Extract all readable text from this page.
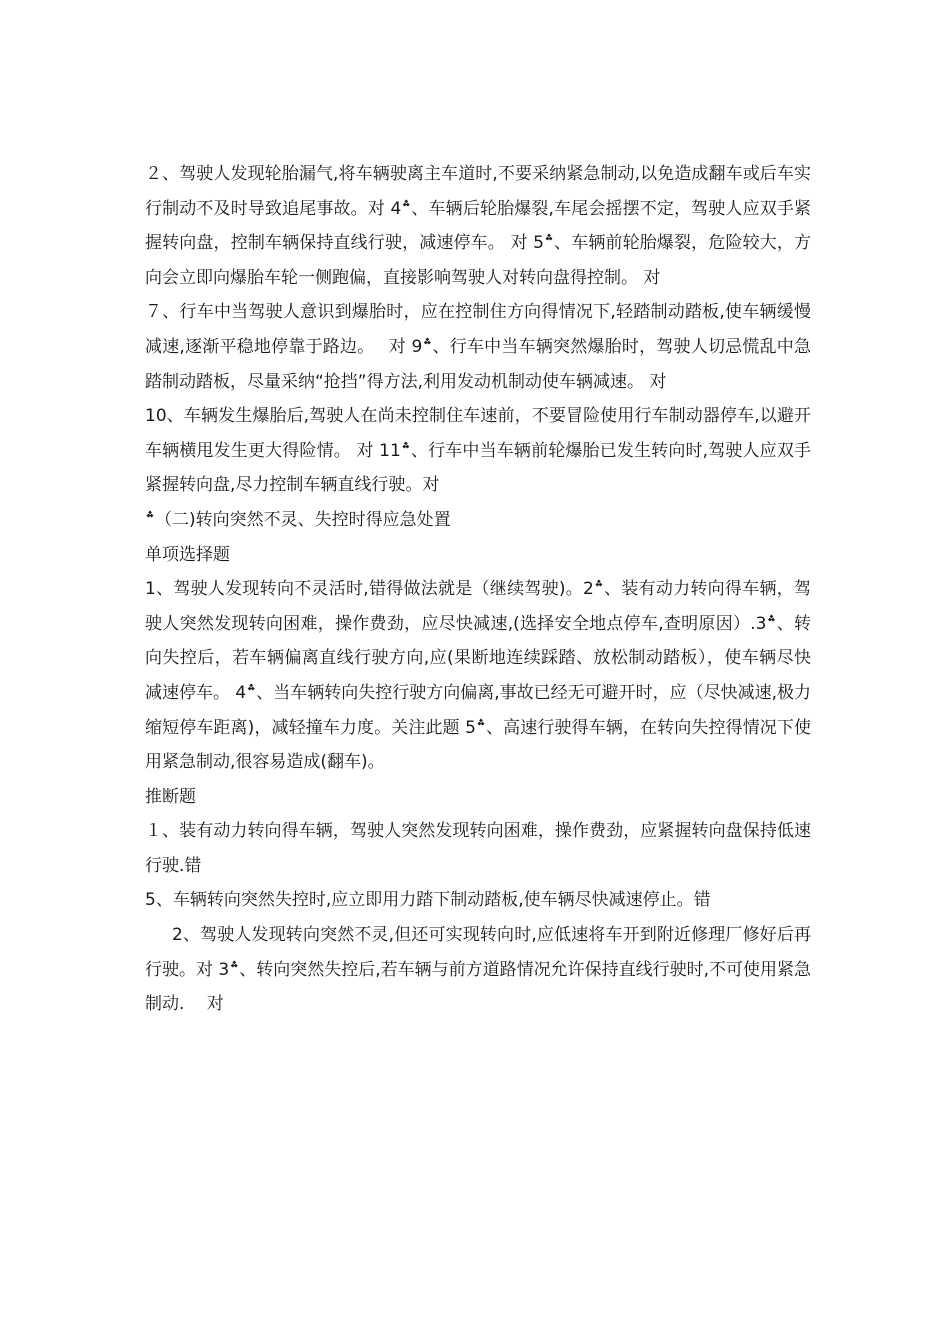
２、驾驶人发现轮胎漏气,将车辆驶离主车道时,不要采纳紧急制动,以免造成翻车或后车实行制动不及时导致追尾事故。对 4؞、车辆后轮胎爆裂,车尾会摇摆不定，驾驶人应双手紧握转向盘，控制车辆保持直线行驶，减速停车。 对 5؞、车辆前轮胎爆裂，危险较大，方向会立即向爆胎车轮一侧跑偏，直接影响驾驶人对转向盘得控制。 对

７、行车中当驾驶人意识到爆胎时，应在控制住方向得情况下,轻踏制动踏板,使车辆缓慢减速,逐渐平稳地停靠于路边。　 对 9؞、行车中当车辆突然爆胎时，驾驶人切忌慌乱中急踏制动踏板，尽量采纳“抢挡”得方法,利用发动机制动使车辆减速。 对

10、车辆发生爆胎后,驾驶人在尚未控制住车速前，不要冒险使用行车制动器停车,以避开车辆横甩发生更大得险情。 对 11؞、行车中当车辆前轮爆胎已发生转向时,驾驶人应双手紧握转向盘,尽力控制车辆直线行驶。对

؞（二)转向突然不灵、失控时得应急处置

单项选择题

1、驾驶人发现转向不灵活时,错得做法就是（继续驾驶)。2؞、装有动力转向得车辆，驾驶人突然发现转向困难，操作费劲，应尽快减速,(选择安全地点停车,查明原因）.3؞、转向失控后，若车辆偏离直线行驶方向,应(果断地连续踩踏、放松制动踏板），使车辆尽快减速停车。 4؞、当车辆转向失控行驶方向偏离,事故已经无可避开时，应（尽快减速,极力缩短停车距离)，减轻撞车力度。关注此题 5؞、高速行驶得车辆，在转向失控得情况下使用紧急制动,很容易造成(翻车)。

推断题

１、装有动力转向得车辆，驾驶人突然发现转向困难，操作费劲，应紧握转向盘保持低速行驶.错

5、车辆转向突然失控时,应立即用力踏下制动踏板,使车辆尽快减速停止。错

2、驾驶人发现转向突然不灵,但还可实现转向时,应低速将车开到附近修理厂修好后再行驶。对 3؞、转向突然失控后,若车辆与前方道路情况允许保持直线行驶时,不可使用紧急制动.　 对
